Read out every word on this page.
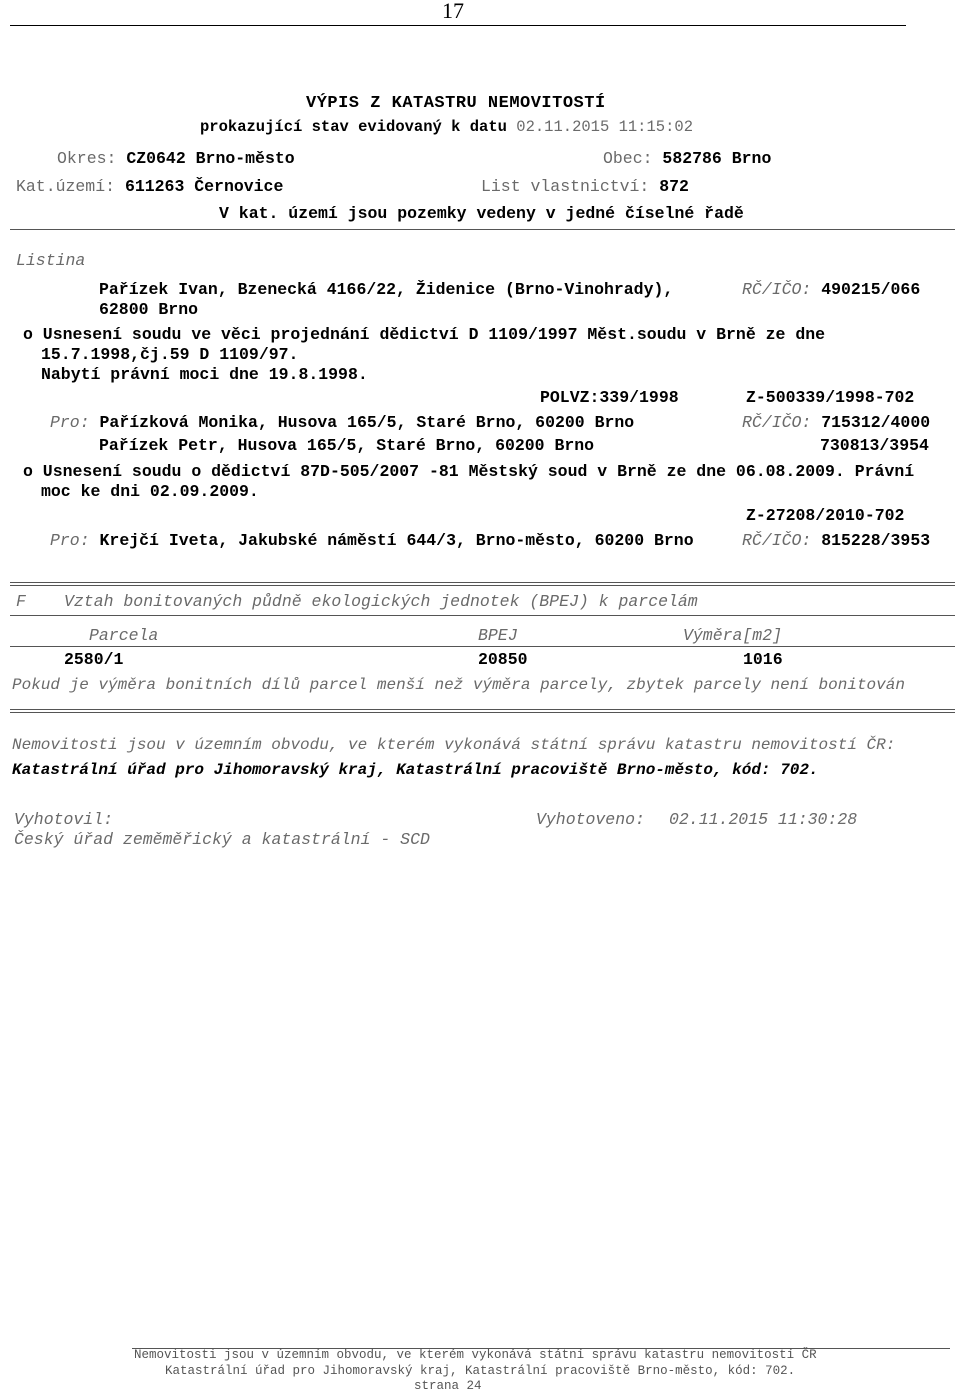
17
VÝPIS Z KATASTRU NEMOVITOSTÍ
prokazující stav evidovaný k datu 02.11.2015 11:15:02
Okres: CZ0642 Brno-město	Obec: 582786 Brno
Kat.území: 611263 Černovice	List vlastnictví: 872
V kat. území jsou pozemky vedeny v jedné číselné řadě
Listina
Pařízek Ivan, Bzenecká 4166/22, Židenice (Brno-Vinohrady),
62800 Brno
RČ/IČO: 490215/066
o Usnesení soudu ve věci projednání dědictví D 1109/1997 Měst.soudu v Brně ze dne
15.7.1998,čj.59 D 1109/97.
Nabytí právní moci dne 19.8.1998.
POLVZ:339/1998	Z-500339/1998-702
Pro: Pařízková Monika, Husova 165/5, Staré Brno, 60200 Brno	RČ/IČO: 715312/4000
Pařízek Petr, Husova 165/5, Staré Brno, 60200 Brno	730813/3954
o Usnesení soudu o dědictví 87D-505/2007 -81 Městský soud v Brně ze dne 06.08.2009. Právní
moc ke dni 02.09.2009.
Z-27208/2010-702
Pro: Krejčí Iveta, Jakubské náměstí 644/3, Brno-město, 60200 Brno	RČ/IČO: 815228/3953
F Vztah bonitovaných půdně ekologických jednotek (BPEJ) k parcelám
Parcela	BPEJ	Výměra[m2]
2580/1	20850	1016
Pokud je výměra bonitních dílů parcel menší než výměra parcely, zbytek parcely není bonitován
Nemovitosti jsou v územním obvodu, ve kterém vykonává státní správu katastru nemovitostí ČR:
Katastrální úřad pro Jihomoravský kraj, Katastrální pracoviště Brno-město, kód: 702.
Vyhotovil:
Český úřad zeměměřický a katastrální - SCD
Vyhotoveno: 02.11.2015 11:30:28
Nemovitosti jsou v územním obvodu, ve kterém vykonává státní správu katastru nemovitostí ČR
Katastrální úřad pro Jihomoravský kraj, Katastrální pracoviště Brno-město, kód: 702.
strana 24
